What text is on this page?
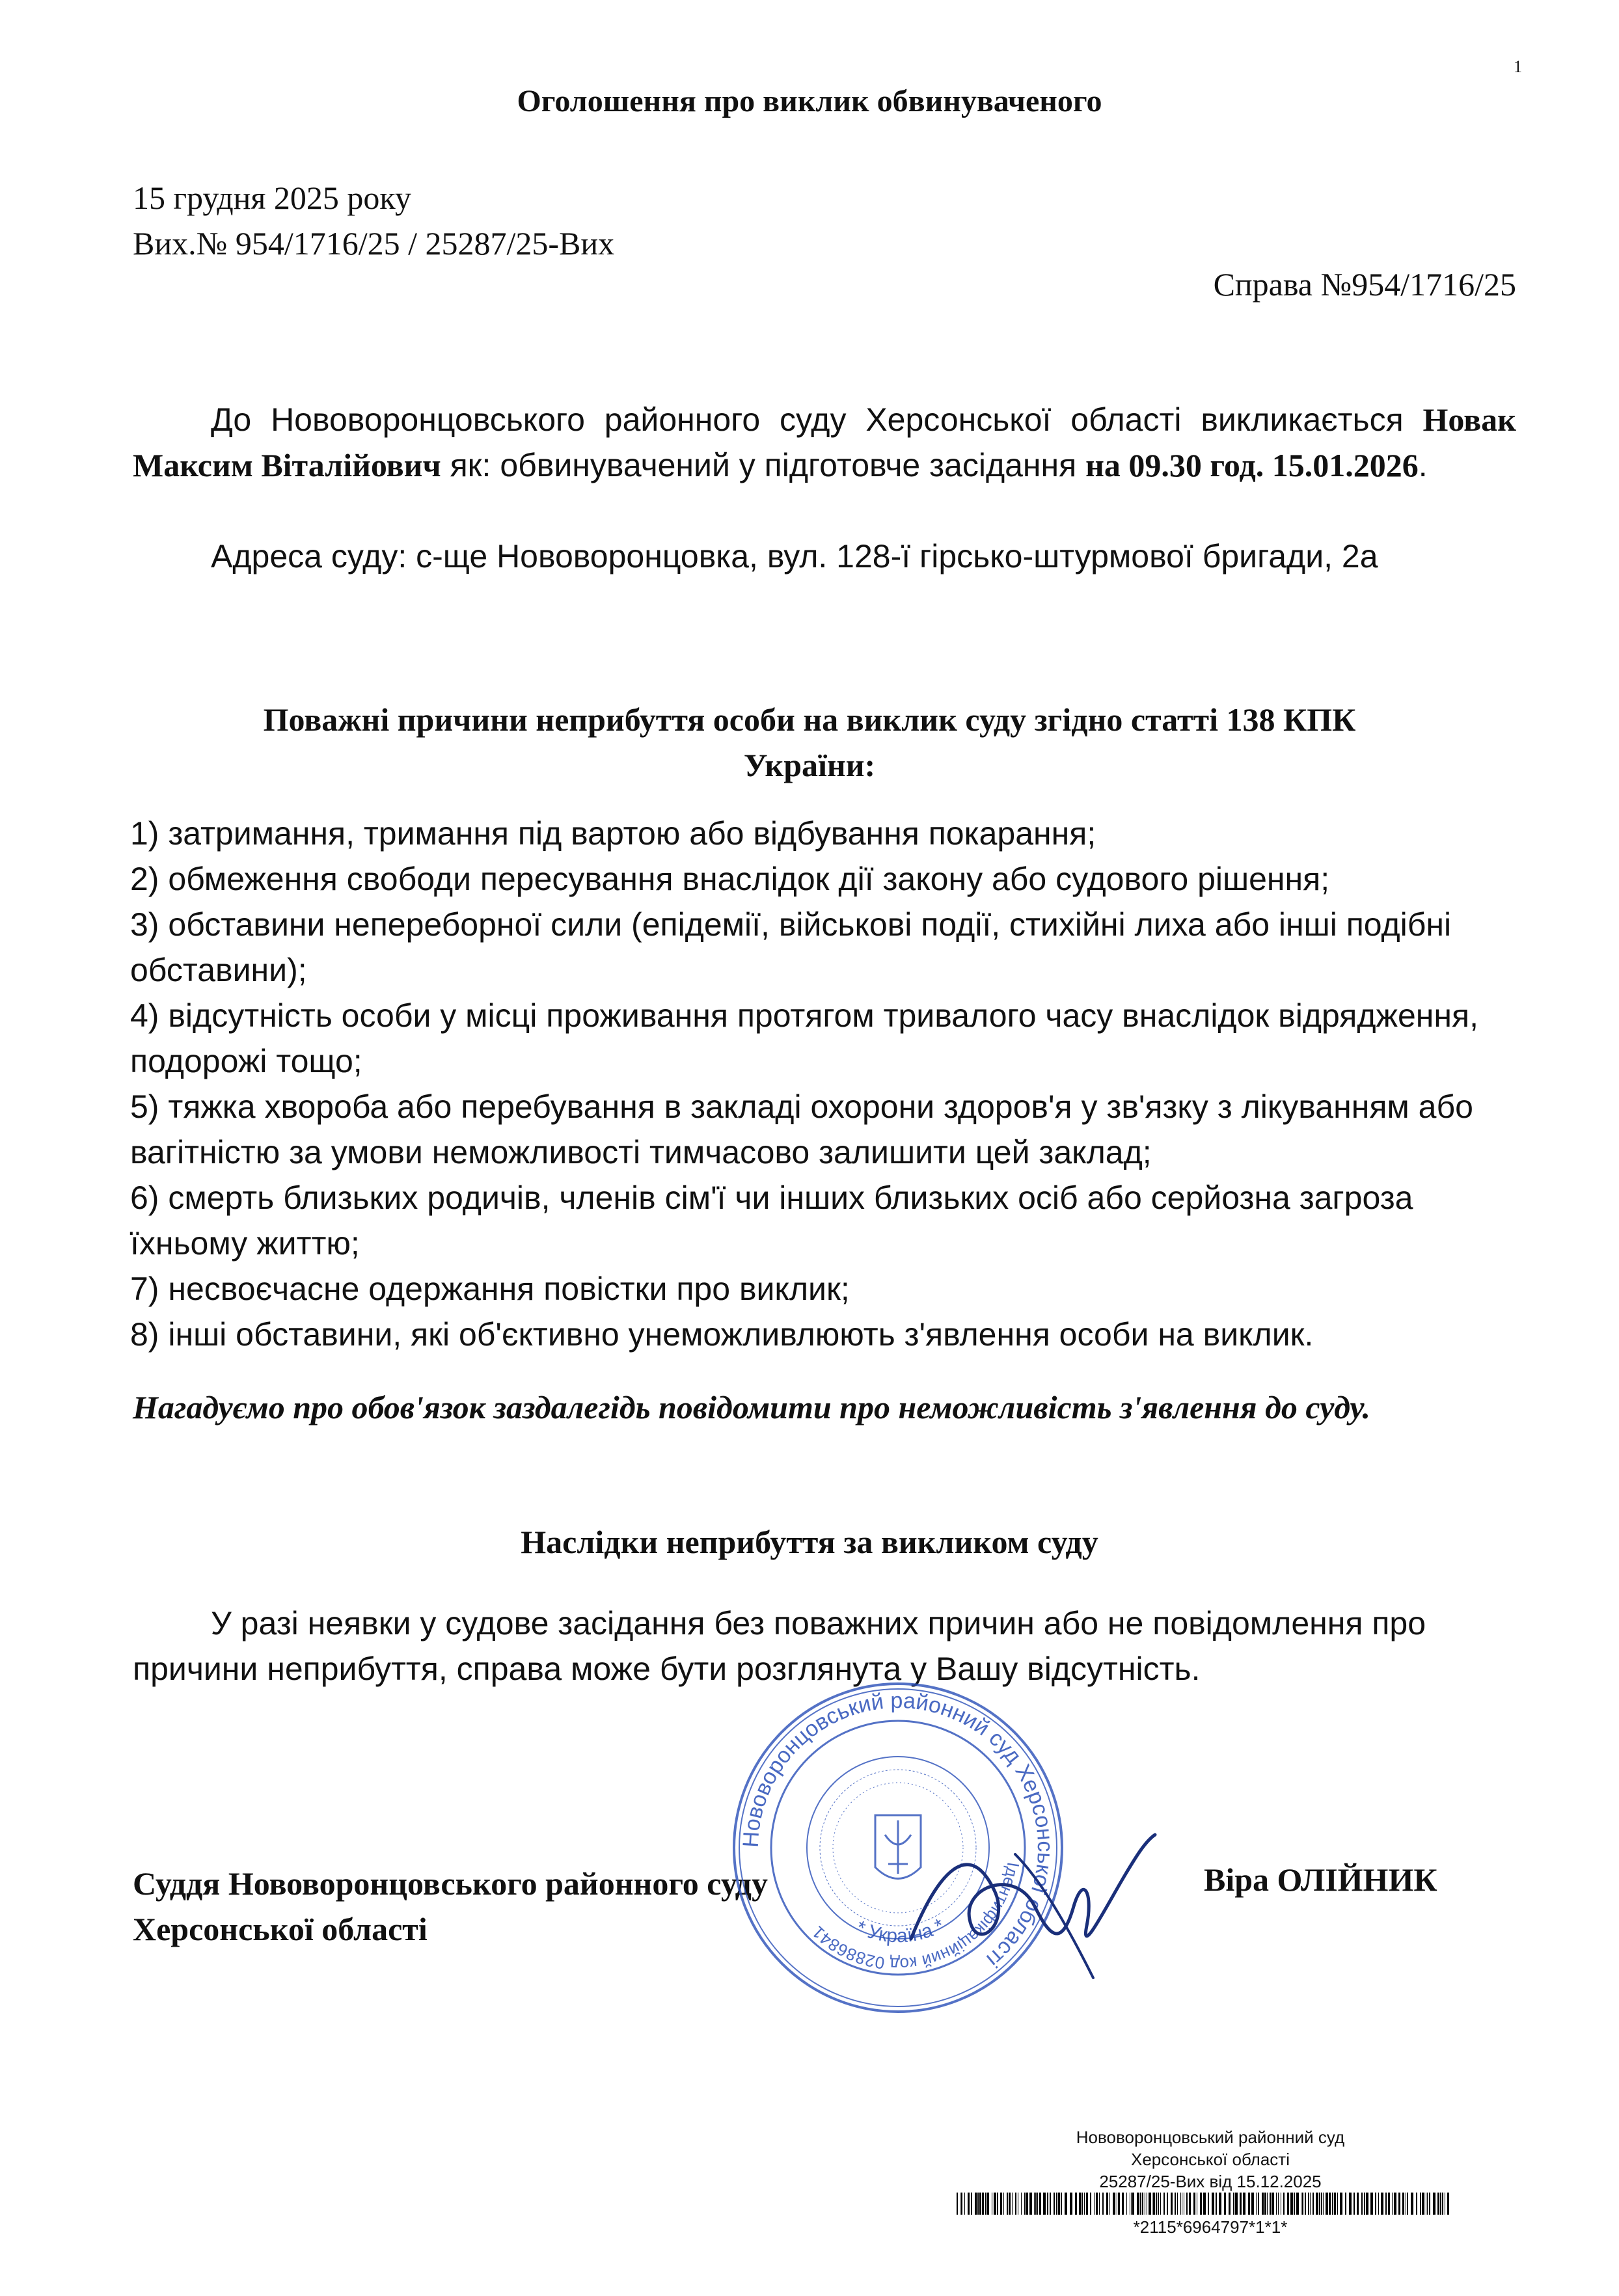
1
Оголошення про виклик обвинуваченого
15 грудня 2025 року
Вих.№ 954/1716/25 / 25287/25-Вих
Справа №954/1716/25
До Нововоронцовського районного суду Херсонської області викликається Новак Максим Віталійович як: обвинувачений у підготовче засідання на 09.30 год. 15.01.2026.
Адреса суду: с-ще Нововоронцовка, вул. 128-ї гірсько-штурмової бригади, 2а
Поважні причини неприбуття особи на виклик суду згідно статті 138 КПК
України:
1) затримання, тримання під вартою або відбування покарання;
2) обмеження свободи пересування внаслідок дії закону або судового рішення;
3) обставини непереборної сили (епідемії, військові події, стихійні лиха або інші подібні обставини);
4) відсутність особи у місці проживання протягом тривалого часу внаслідок відрядження, подорожі тощо;
5) тяжка хвороба або перебування в закладі охорони здоров'я у зв'язку з лікуванням або вагітністю за умови неможливості тимчасово залишити цей заклад;
6) смерть близьких родичів, членів сім'ї чи інших близьких осіб або серйозна загроза їхньому життю;
7) несвоєчасне одержання повістки про виклик;
8) інші обставини, які об'єктивно унеможливлюють з'явлення особи на виклик.
Нагадуємо про обов'язок заздалегідь повідомити про неможливість з'явлення до суду.
Наслідки неприбуття за викликом суду
У разі неявки у судове засідання без поважних причин або не повідомлення про причини неприбуття, справа може бути розглянута у Вашу відсутність.
Суддя Нововоронцовського районного суду
Херсонської області
Віра ОЛІЙНИК
Нововоронцовський районний суд Херсонської області
Ідентифікаційний код 02886841	* Україна *
Нововоронцовський районний суд
Херсонської області
25287/25-Вих від 15.12.2025
*2115*6964797*1*1*
